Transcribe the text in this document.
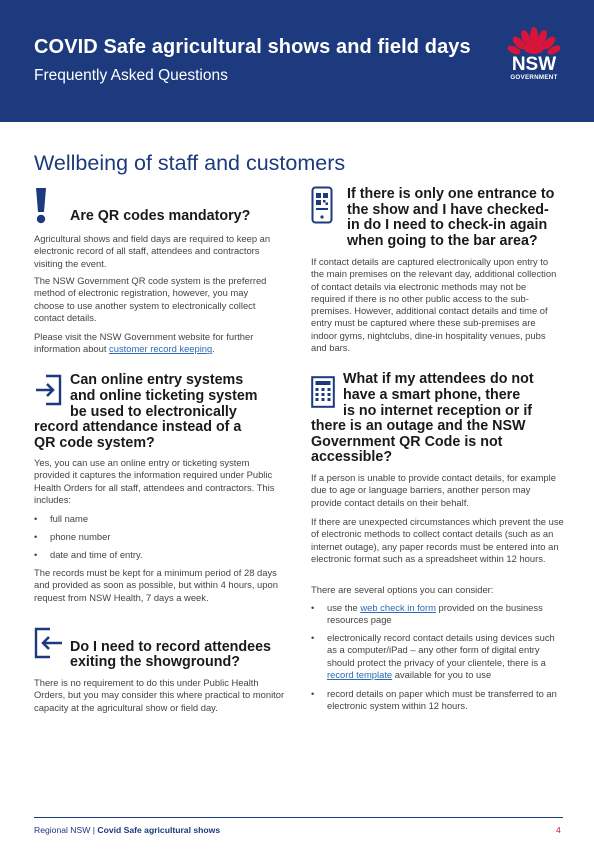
COVID Safe agricultural shows and field days
Frequently Asked Questions
NSW
GOVERNMENT
Wellbeing of staff and customers
Are QR codes mandatory?

Agricultural shows and field days are required to keep an electronic record of all staff, attendees and contractors visiting the event.

The NSW Government QR code system is the preferred method of electronic registration, however, you may choose to use another system to electronically collect contact details.

Please visit the NSW Government website for further information about customer record keeping.

Can online entry systems
and online ticketing system
be used to electronically
record attendance instead of a
QR code system?

Yes, you can use an online entry or ticketing system provided it captures the information required under Public Health Orders for all staff, attendees and contractors. This includes:

• full name
• phone number
• date and time of entry.

The records must be kept for a minimum period of 28 days and provided as soon as possible, but within 4 hours, upon request from NSW Health, 7 days a week.

Do I need to record attendees
exiting the showground?

There is no requirement to do this under Public Health Orders, but you may consider this where practical to monitor capacity at the agricultural show or field day.

If there is only one entrance to
the show and I have checked-
in do I need to check-in again
when going to the bar area?

If contact details are captured electronically upon entry to the main premises on the relevant day, additional collection of contact details via electronic methods may not be required if there is no other public access to the sub-premises. However, additional contact details and time of entry must be captured where these sub-premises are indoor gyms, nightclubs, dine-in hospitality venues, pubs and bars.

What if my attendees do not
have a smart phone, there
is no internet reception or if
there is an outage and the NSW
Government QR Code is not
accessible?

If a person is unable to provide contact details, for example due to age or language barriers, another person may provide contact details on their behalf.

If there are unexpected circumstances which prevent the use of electronic methods to collect contact details (such as an internet outage), any paper records must be entered into an electronic format such as a spreadsheet within 12 hours.

There are several options you can consider:

• use the web check in form provided on the business resources page
• electronically record contact details using devices such as a computer/iPad – any other form of digital entry should protect the privacy of your clientele, there is a record template available for you to use
• record details on paper which must be transferred to an electronic system within 12 hours.
Regional NSW | Covid Safe agricultural shows	4
